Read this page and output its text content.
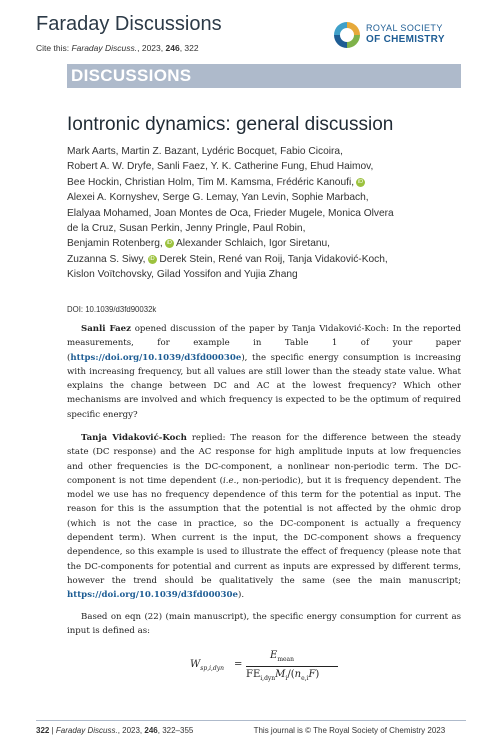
Faraday Discussions
Cite this: Faraday Discuss., 2023, 246, 322
ROYAL SOCIETY
OF CHEMISTRY
DISCUSSIONS
Iontronic dynamics: general discussion
Mark Aarts, Martin Z. Bazant, Lydéric Bocquet, Fabio Cicoira,
Robert A. W. Dryfe, Sanli Faez, Y. K. Catherine Fung, Ehud Haimov,
Bee Hockin, Christian Holm, Tim M. Kamsma, Frédéric Kanoufi, iD
Alexei A. Kornyshev, Serge G. Lemay, Yan Levin, Sophie Marbach,
Elalyaa Mohamed, Joan Montes de Oca, Frieder Mugele, Monica Olvera
de la Cruz, Susan Perkin, Jenny Pringle, Paul Robin,
Benjamin Rotenberg, iD Alexander Schlaich, Igor Siretanu,
Zuzanna S. Siwy, iD Derek Stein, René van Roij, Tanja Vidaković-Koch,
Kislon Voïtchovsky, Gilad Yossifon and Yujia Zhang
DOI: 10.1039/d3fd90032k

Sanli Faez opened discussion of the paper by Tanja Vidaković-Koch: In the reported measurements, for example in Table 1 of your paper (https://doi.org/10.1039/d3fd00030e), the specific energy consumption is increasing with increasing frequency, but all values are still lower than the steady state value. What explains the change between DC and AC at the lowest frequency? Which other mechanisms are involved and which frequency is expected to be the optimum of required specific energy?

Tanja Vidaković-Koch replied: The reason for the difference between the steady state (DC response) and the AC response for high amplitude inputs at low frequencies and other frequencies is the DC-component, a nonlinear non-periodic term. The DC-component is not time dependent (i.e., non-periodic), but it is frequency dependent. The model we use has no frequency dependence of this term for the potential as input. The reason for this is the assumption that the potential is not affected by the ohmic drop (which is not the case in practice, so the DC-component is actually a frequency dependent term). When current is the input, the DC-component shows a frequency dependence, so this example is used to illustrate the effect of frequency (please note that the DC-components for potential and current as inputs are expressed by different terms, however the trend should be qualitatively the same (see the main manuscript; https://doi.org/10.1039/d3fd00030e).

Based on eqn (22) (main manuscript), the specific energy consumption for current as input is defined as:

$W_{sp,i,dyn}$ =
$E_{mean}$
$FE_{i,dyn}M_i/(n_{e,i}F)$
322 | Faraday Discuss., 2023, 246, 322–355	This journal is © The Royal Society of Chemistry 2023
